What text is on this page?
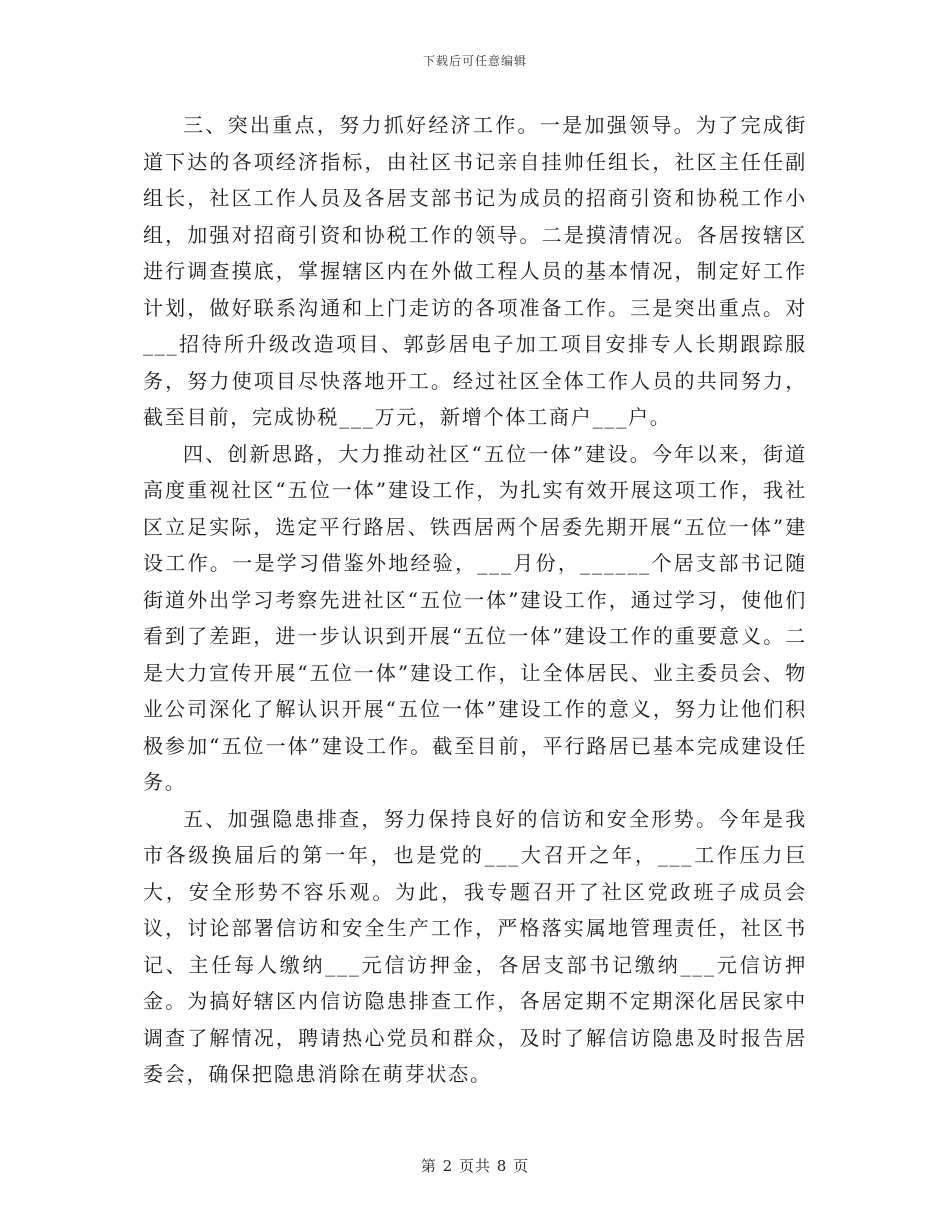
下载后可任意编辑

三、突出重点，努力抓好经济工作。一是加强领导。为了完成街道下达的各项经济指标，由社区书记亲自挂帅任组长，社区主任任副组长，社区工作人员及各居支部书记为成员的招商引资和协税工作小组，加强对招商引资和协税工作的领导。二是摸清情况。各居按辖区进行调查摸底，掌握辖区内在外做工程人员的基本情况，制定好工作计划，做好联系沟通和上门走访的各项准备工作。三是突出重点。对___招待所升级改造项目、郭彭居电子加工项目安排专人长期跟踪服务，努力使项目尽快落地开工。经过社区全体工作人员的共同努力，截至目前，完成协税___万元，新增个体工商户___户。

四、创新思路，大力推动社区“五位一体”建设。今年以来，街道高度重视社区“五位一体”建设工作，为扎实有效开展这项工作，我社区立足实际，选定平行路居、铁西居两个居委先期开展“五位一体”建设工作。一是学习借鉴外地经验，___月份，______个居支部书记随街道外出学习考察先进社区“五位一体”建设工作，通过学习，使他们看到了差距，进一步认识到开展“五位一体”建设工作的重要意义。二是大力宣传开展“五位一体”建设工作，让全体居民、业主委员会、物业公司深化了解认识开展“五位一体”建设工作的意义，努力让他们积极参加“五位一体”建设工作。截至目前，平行路居已基本完成建设任务。

五、加强隐患排查，努力保持良好的信访和安全形势。今年是我市各级换届后的第一年，也是党的___大召开之年，___工作压力巨大，安全形势不容乐观。为此，我专题召开了社区党政班子成员会议，讨论部署信访和安全生产工作，严格落实属地管理责任，社区书记、主任每人缴纳___元信访押金，各居支部书记缴纳___元信访押金。为搞好辖区内信访隐患排查工作，各居定期不定期深化居民家中调查了解情况，聘请热心党员和群众，及时了解信访隐患及时报告居委会，确保把隐患消除在萌芽状态。

第 2 页共 8 页
